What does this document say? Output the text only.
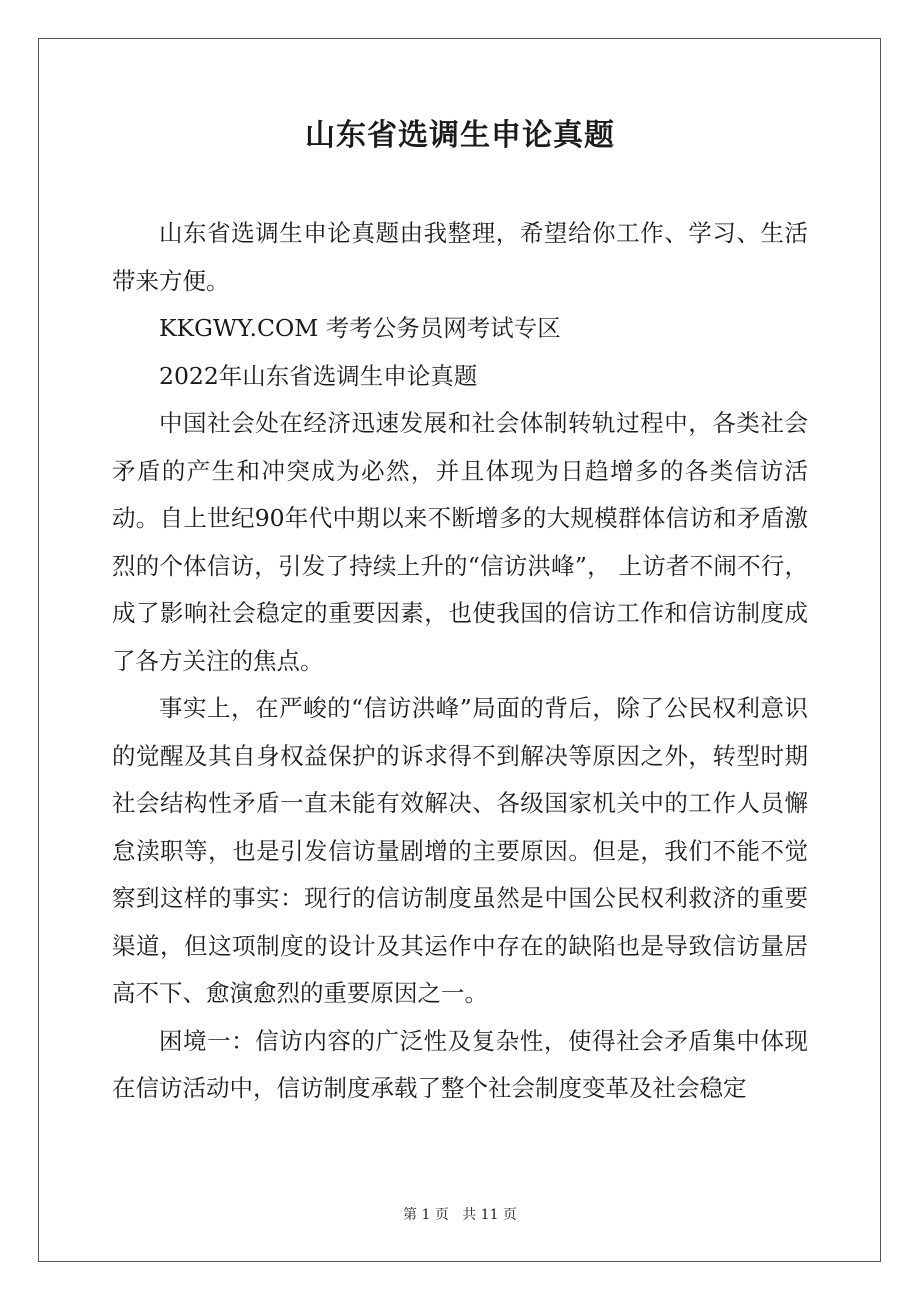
山东省选调生申论真题

山东省选调生申论真题由我整理，希望给你工作、学习、生活带来方便。

KKGWY.COM 考考公务员网考试专区

2022年山东省选调生申论真题

中国社会处在经济迅速发展和社会体制转轨过程中，各类社会矛盾的产生和冲突成为必然，并且体现为日趋增多的各类信访活动。自上世纪90年代中期以来不断增多的大规模群体信访和矛盾激烈的个体信访，引发了持续上升的“信访洪峰”， 上访者不闹不行，成了影响社会稳定的重要因素，也使我国的信访工作和信访制度成了各方关注的焦点。

事实上，在严峻的“信访洪峰”局面的背后，除了公民权利意识的觉醒及其自身权益保护的诉求得不到解决等原因之外，转型时期社会结构性矛盾一直未能有效解决、各级国家机关中的工作人员懈怠渎职等，也是引发信访量剧增的主要原因。但是，我们不能不觉察到这样的事实：现行的信访制度虽然是中国公民权利救济的重要渠道，但这项制度的设计及其运作中存在的缺陷也是导致信访量居高不下、愈演愈烈的重要原因之一。

困境一：信访内容的广泛性及复杂性，使得社会矛盾集中体现在信访活动中，信访制度承载了整个社会制度变革及社会稳定

第 1 页 共 11 页
